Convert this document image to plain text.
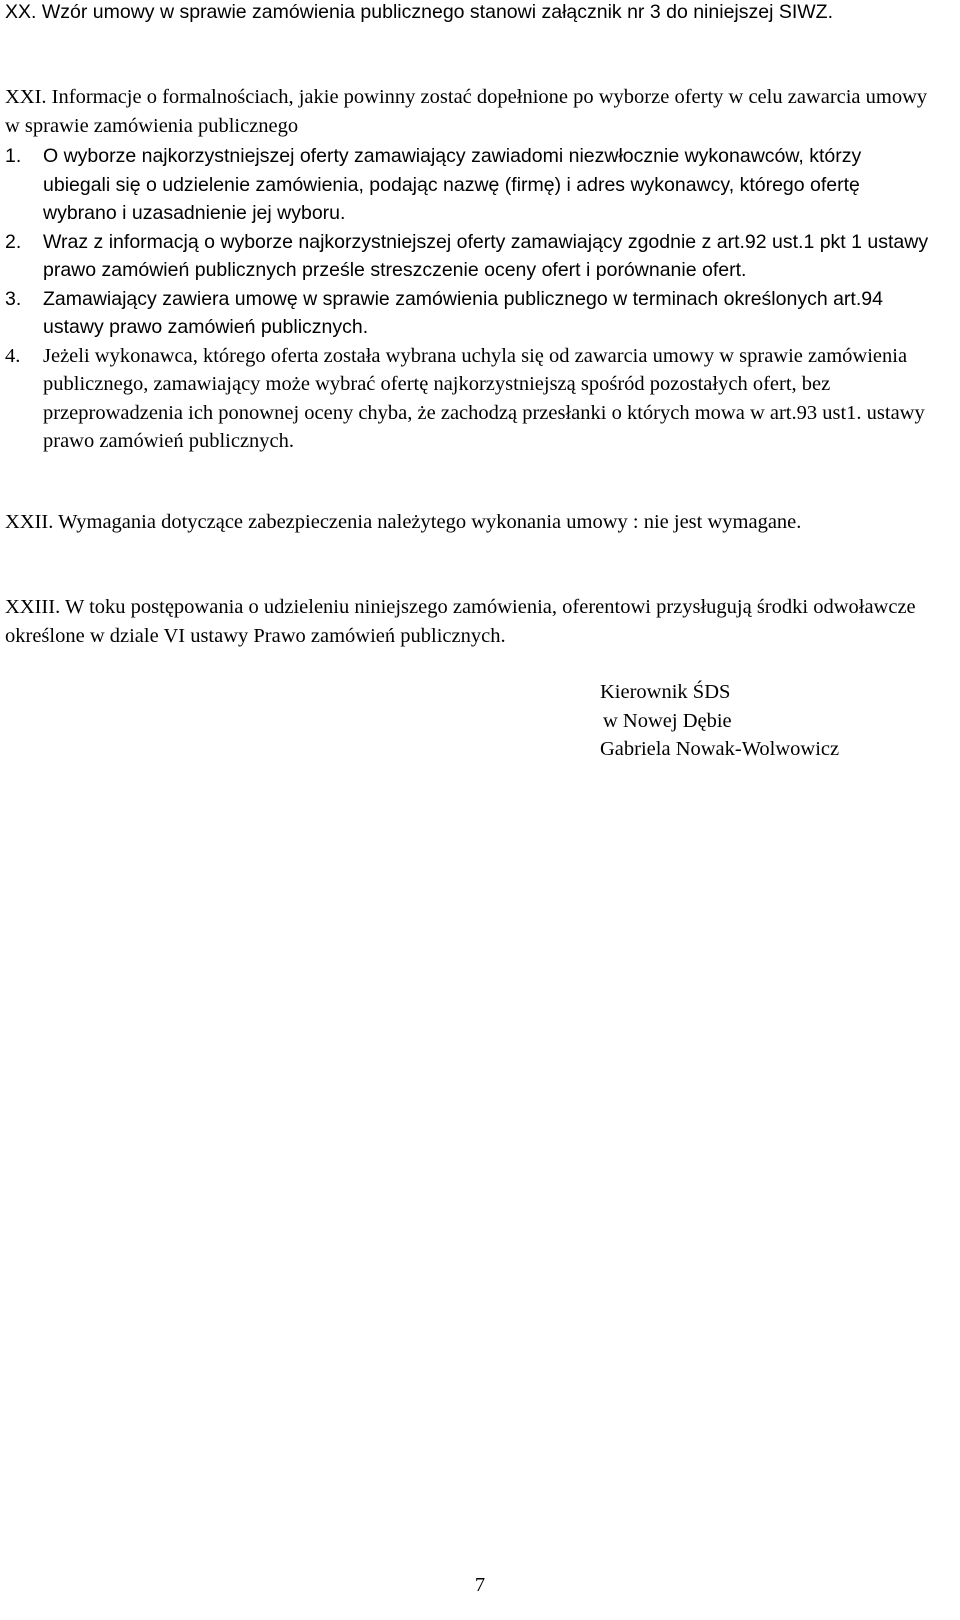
XX. Wzór umowy w sprawie zamówienia publicznego stanowi załącznik nr 3 do niniejszej SIWZ.

XXI. Informacje o formalnościach, jakie powinny zostać dopełnione po wyborze oferty w celu zawarcia umowy w sprawie zamówienia publicznego

1. O wyborze najkorzystniejszej oferty zamawiający zawiadomi niezwłocznie wykonawców, którzy ubiegali się o udzielenie zamówienia, podając nazwę (firmę) i adres wykonawcy, którego ofertę wybrano i uzasadnienie jej wyboru.
2. Wraz z informacją o wyborze najkorzystniejszej oferty zamawiający zgodnie z art.92 ust.1 pkt 1 ustawy prawo zamówień publicznych prześle streszczenie oceny ofert i porównanie ofert.
3. Zamawiający zawiera umowę w sprawie zamówienia publicznego w terminach określonych art.94 ustawy prawo zamówień publicznych.
4. Jeżeli wykonawca, którego oferta została wybrana uchyla się od zawarcia umowy w sprawie zamówienia publicznego, zamawiający może wybrać ofertę najkorzystniejszą spośród pozostałych ofert, bez przeprowadzenia ich ponownej oceny chyba, że zachodzą przesłanki o których mowa w art.93 ust1. ustawy prawo zamówień publicznych.

XXII. Wymagania dotyczące zabezpieczenia należytego wykonania umowy : nie jest wymagane.

XXIII. W toku postępowania o udzieleniu niniejszego zamówienia, oferentowi przysługują środki odwoławcze określone w dziale VI ustawy Prawo zamówień publicznych.

Kierownik ŚDS
w Nowej Dębie
Gabriela Nowak-Wolwowicz
7
